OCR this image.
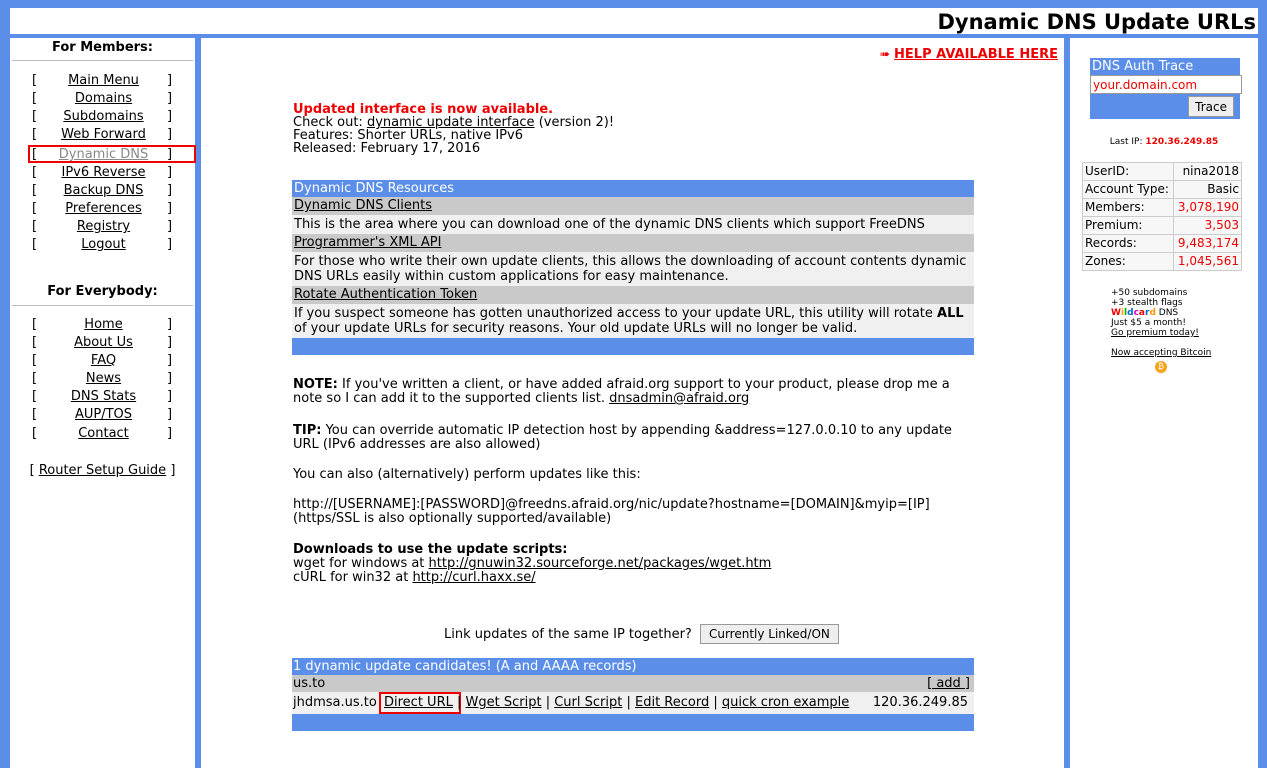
Dynamic DNS Update URLs
For Members:
[	Main Menu	]
[	Domains	]
[	Subdomains	]
[	Web Forward	]
[	Dynamic DNS	]
[	IPv6 Reverse	]
[	Backup DNS	]
[	Preferences	]
[	Registry	]
[	Logout	]
For Everybody:
[	Home	]
[	About Us	]
[	FAQ	]
[	News	]
[	DNS Stats	]
[	AUP/TOS	]
[	Contact	]
[ Router Setup Guide ]
➠ HELP AVAILABLE HERE
Updated interface is now available.
Check out: dynamic update interface (version 2)!
Features: Shorter URLs, native IPv6
Released: February 17, 2016
Dynamic DNS Resources
Dynamic DNS Clients
This is the area where you can download one of the dynamic DNS clients which support FreeDNS
Programmer's XML API
For those who write their own update clients, this allows the downloading of account contents dynamic DNS URLs easily within custom applications for easy maintenance.
Rotate Authentication Token
If you suspect someone has gotten unauthorized access to your update URL, this utility will rotate ALL of your update URLs for security reasons. Your old update URLs will no longer be valid.
NOTE: If you've written a client, or have added afraid.org support to your product, please drop me a note so I can add it to the supported clients list. dnsadmin@afraid.org
TIP: You can override automatic IP detection host by appending &address=127.0.0.10 to any update URL (IPv6 addresses are also allowed)
You can also (alternatively) perform updates like this:
http://[USERNAME]:[PASSWORD]@freedns.afraid.org/nic/update?hostname=[DOMAIN]&myip=[IP]
(https/SSL is also optionally supported/available)
Downloads to use the update scripts:
wget for windows at http://gnuwin32.sourceforge.net/packages/wget.htm
cURL for win32 at http://curl.haxx.se/
Link updates of the same IP together? Currently Linked/ON
1 dynamic update candidates! (A and AAAA records)
us.to	[ add ]
jhdmsa.us.to Direct URL | Wget Script | Curl Script | Edit Record | quick cron example 120.36.249.85
DNS Auth Trace
your.domain.com
Trace
Last IP: 120.36.249.85
UserID:	nina2018
Account Type:	Basic
Members:	3,078,190
Premium:	3,503
Records:	9,483,174
Zones:	1,045,561
+50 subdomains
+3 stealth flags
Wildcard DNS
Just $5 a month!
Go premium today!
Now accepting Bitcoin
₿
